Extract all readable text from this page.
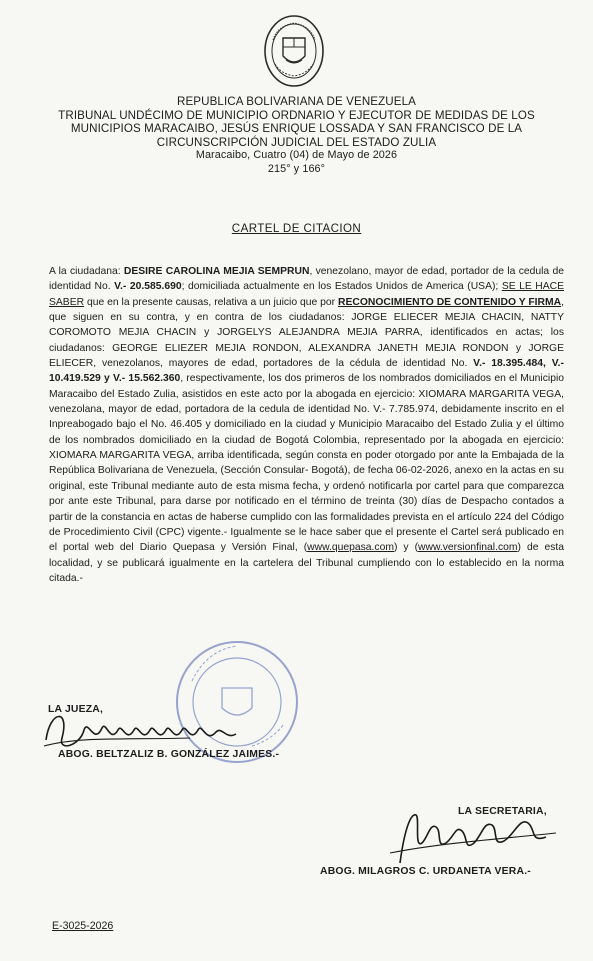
REPUBLICA BOLIVARIANA DE VENEZUELA
TRIBUNAL UNDÉCIMO DE MUNICIPIO ORDNARIO Y EJECUTOR DE MEDIDAS DE LOS
MUNICIPIOS MARACAIBO, JESÚS ENRIQUE LOSSADA Y SAN FRANCISCO DE LA
CIRCUNSCRIPCIÓN JUDICIAL DEL ESTADO ZULIA
Maracaibo, Cuatro (04) de Mayo de 2026
215° y 166°
CARTEL DE CITACION
A la ciudadana: DESIRE CAROLINA MEJIA SEMPRUN, venezolano, mayor de edad, portador de la cedula de identidad No. V.- 20.585.690; domiciliada actualmente en los Estados Unidos de America (USA); SE LE HACE SABER que en la presente causas, relativa a un juicio que por RECONOCIMIENTO DE CONTENIDO Y FIRMA, que siguen en su contra, y en contra de los ciudadanos: JORGE ELIECER MEJIA CHACIN, NATTY COROMOTO MEJIA CHACIN y JORGELYS ALEJANDRA MEJIA PARRA, identificados en actas; los ciudadanos: GEORGE ELIEZER MEJIA RONDON, ALEXANDRA JANETH MEJIA RONDON y JORGE ELIECER, venezolanos, mayores de edad, portadores de la cédula de identidad No. V.- 18.395.484, V.- 10.419.529 y V.- 15.562.360, respectivamente, los dos primeros de los nombrados domiciliados en el Municipio Maracaibo del Estado Zulia, asistidos en este acto por la abogada en ejercicio: XIOMARA MARGARITA VEGA, venezolana, mayor de edad, portadora de la cedula de identidad No. V.- 7.785.974, debidamente inscrito en el Inpreabogado bajo el No. 46.405 y domiciliado en la ciudad y Municipio Maracaibo del Estado Zulia y el último de los nombrados domiciliado en la ciudad de Bogotá Colombia, representado por la abogada en ejercicio: XIOMARA MARGARITA VEGA, arriba identificada, según consta en poder otorgado por ante la Embajada de la República Bolivariana de Venezuela, (Sección Consular- Bogotá), de fecha 06-02-2026, anexo en la actas en su original, este Tribunal mediante auto de esta misma fecha, y ordenó notificarla por cartel para que comparezca por ante este Tribunal, para darse por notificado en el término de treinta (30) días de Despacho contados a partir de la constancia en actas de haberse cumplido con las formalidades prevista en el artículo 224 del Código de Procedimiento Civil (CPC) vigente.- Igualmente se le hace saber que el presente el Cartel será publicado en el portal web del Diario Quepasa y Versión Final, (www.quepasa.com) y (www.versionfinal.com) de esta localidad, y se publicará igualmente en la cartelera del Tribunal cumpliendo con lo establecido en la norma citada.-
LA JUEZA,
ABOG. BELTZALIZ B. GONZÁLEZ JAIMES.-
LA SECRETARIA,
ABOG. MILAGROS C. URDANETA VERA.-
E-3025-2026
